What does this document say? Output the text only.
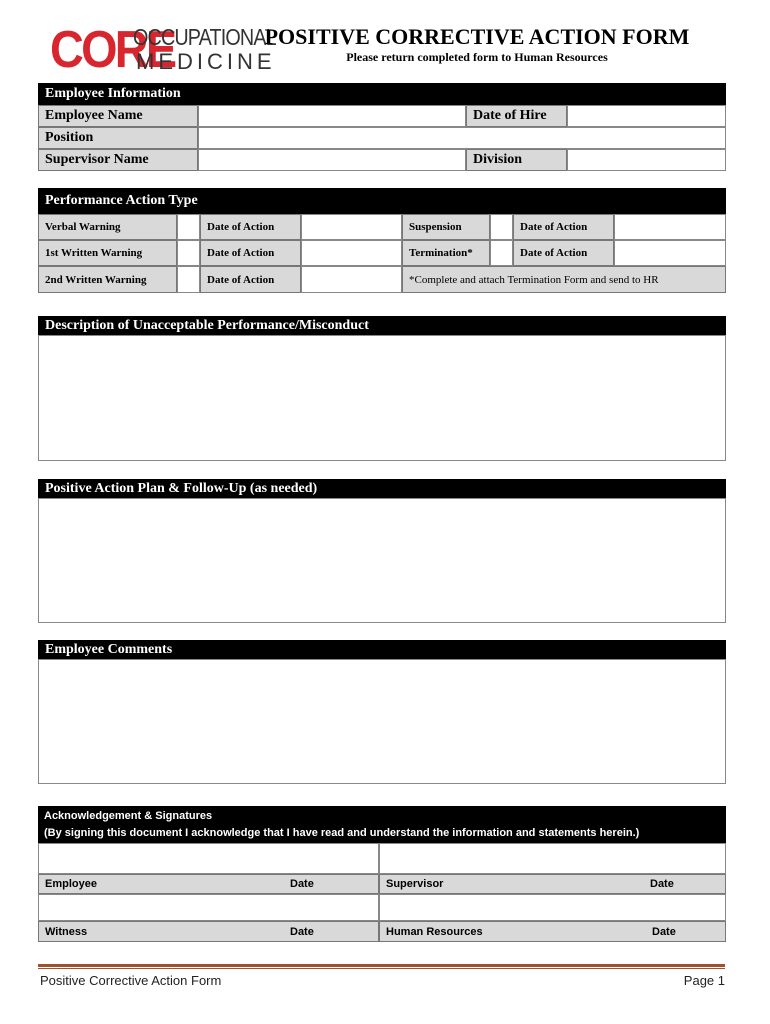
CORE
OCCUPATIONAL
MEDICINE
POSITIVE CORRECTIVE ACTION FORM
Please return completed form to Human Resources
Employee Information
Employee Name	Date of Hire
Position
Supervisor Name	Division
Performance Action Type
Verbal Warning	Date of Action	Suspension	Date of Action
1st Written Warning	Date of Action	Termination*	Date of Action
2nd Written Warning	Date of Action	*Complete and attach Termination Form and send to HR
Description of Unacceptable Performance/Misconduct
Positive Action Plan & Follow-Up (as needed)
Employee Comments
Acknowledgement & Signatures
(By signing this document I acknowledge that I have read and understand the information and statements herein.)
Employee	Date	Supervisor	Date
Witness	Date	Human Resources	Date
Positive Corrective Action Form	Page 1
